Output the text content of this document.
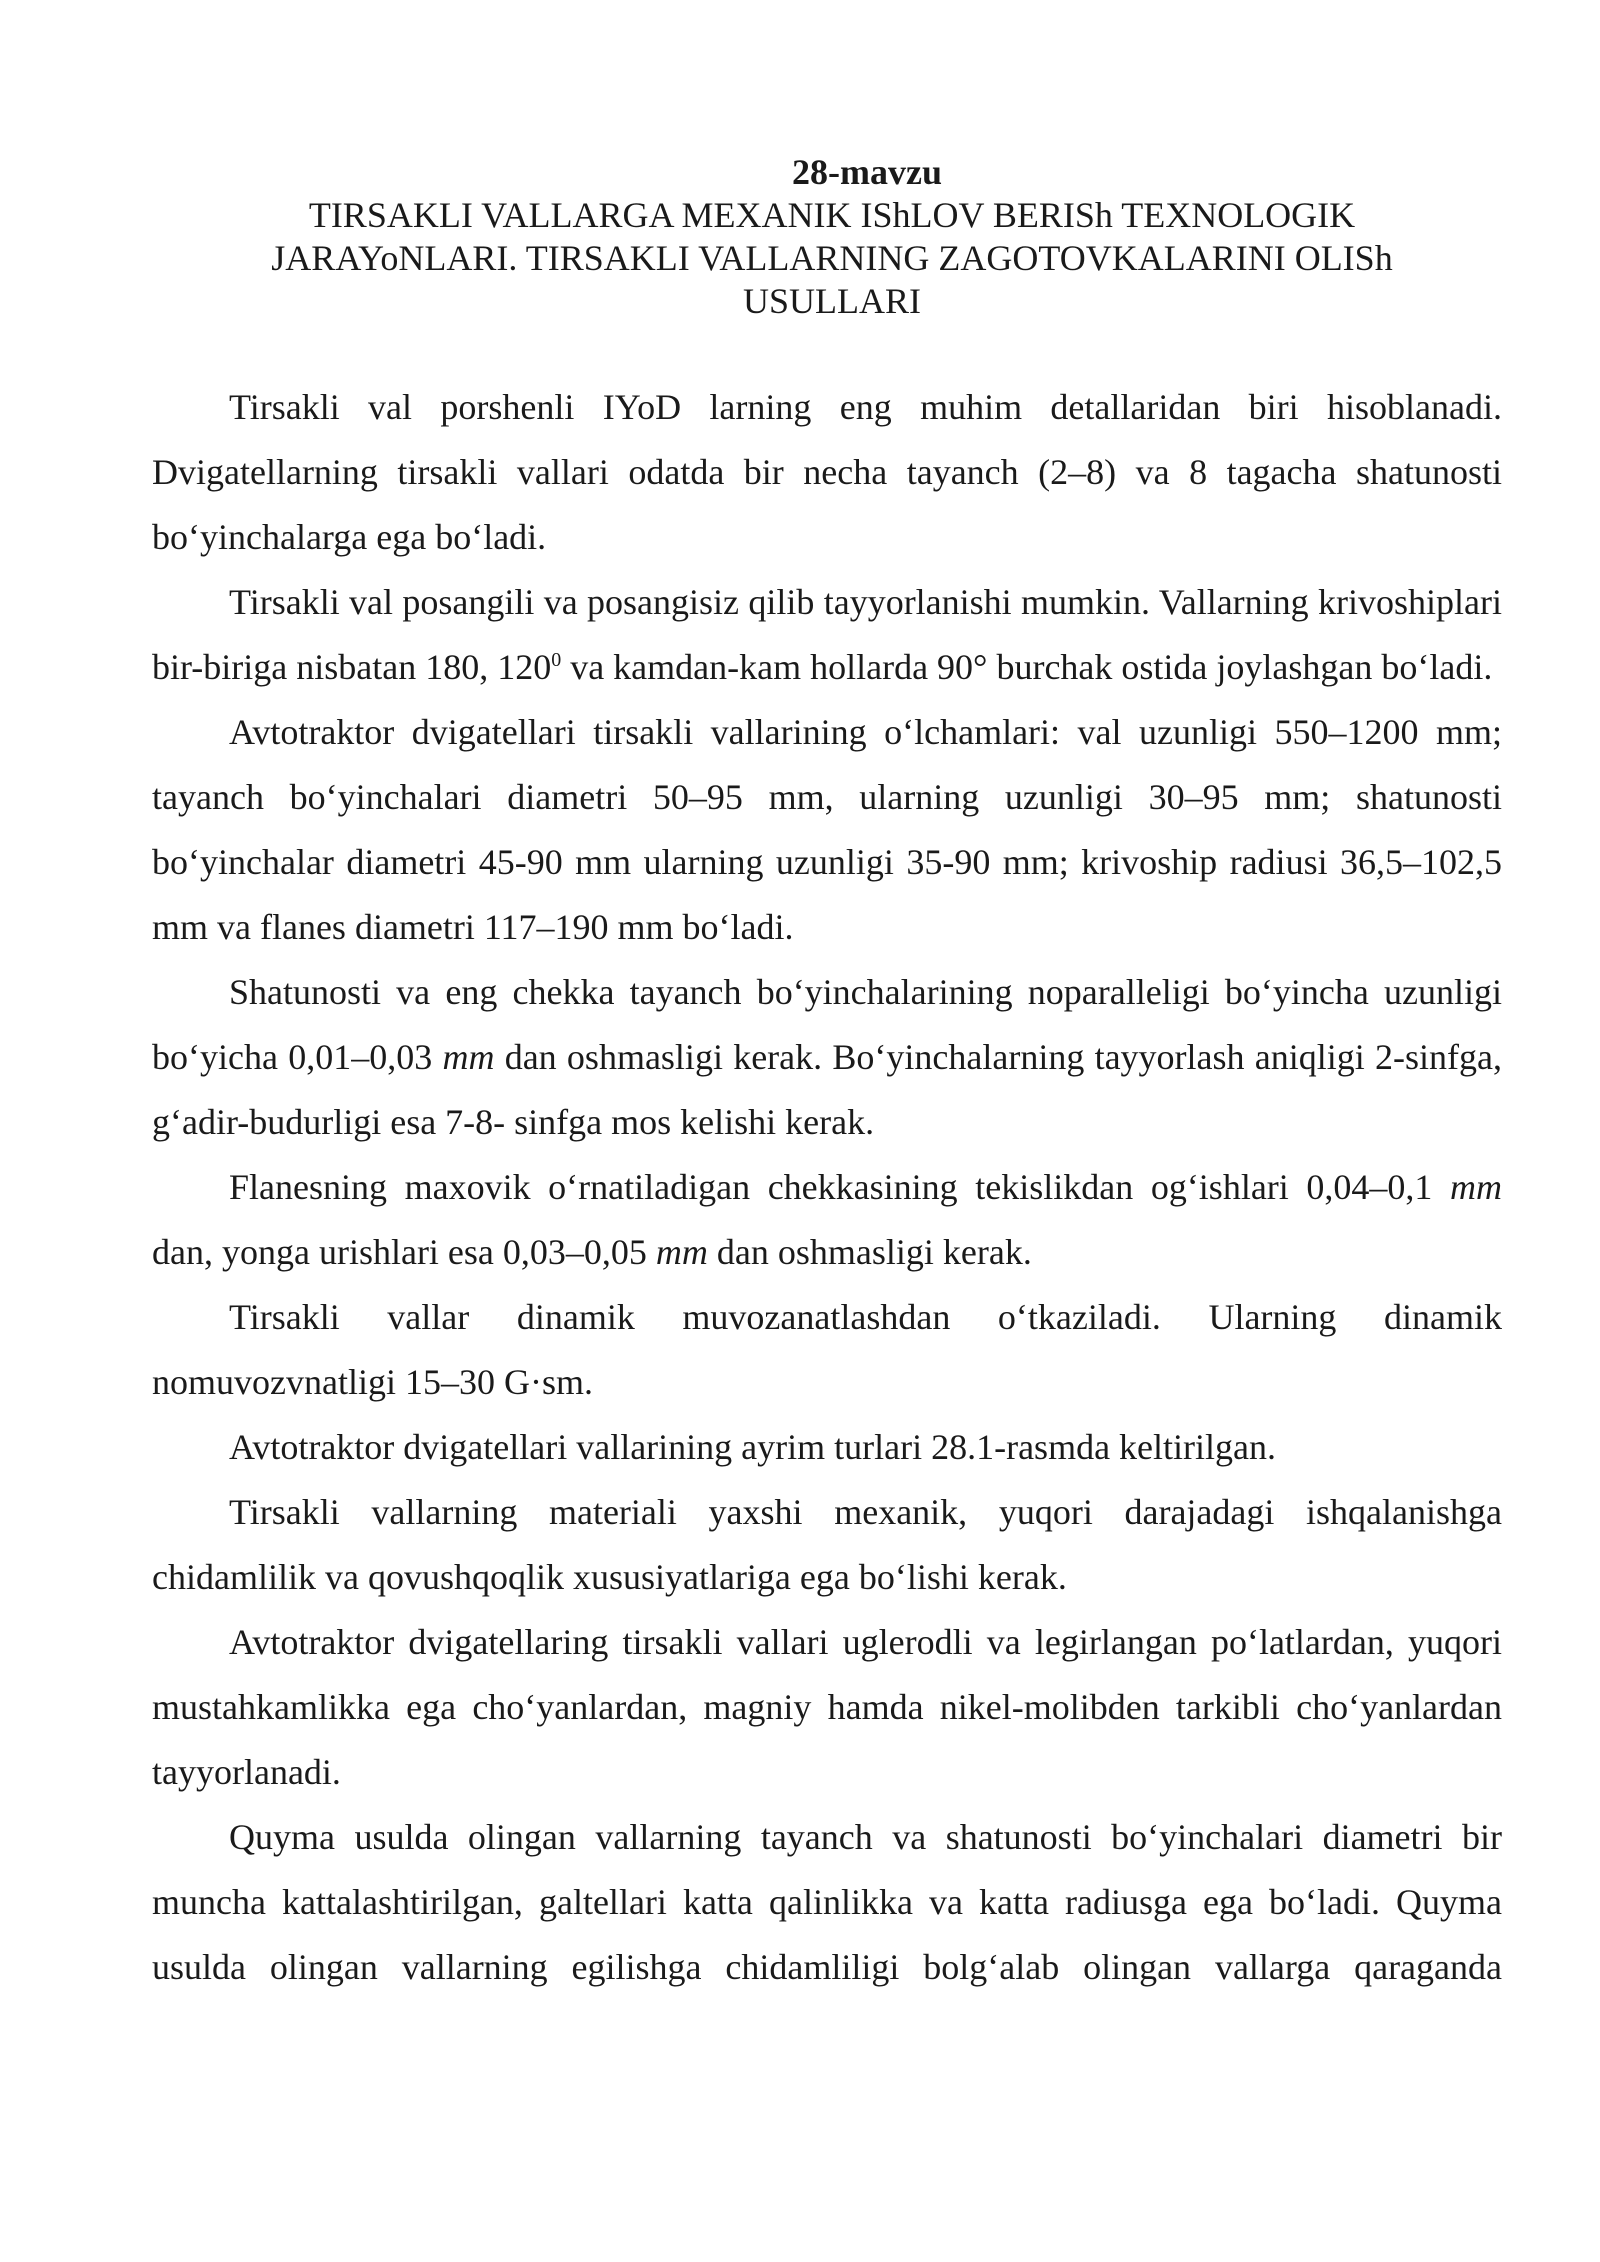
28-mavzu
TIRSAKLI VALLARGA MEXANIK IShLOV BERISh TEXNOLOGIK JARAYoNLARI. TIRSAKLI VALLARNING ZAGOTOVKALARINI OLISh USULLARI

Tirsakli val porshenli IYoD larning eng muhim detallaridan biri hisoblanadi. Dvigatellarning tirsakli vallari odatda bir necha tayanch (2–8) va 8 tagacha shatunosti bo‘yinchalarga ega bo‘ladi.

Tirsakli val posangili va posangisiz qilib tayyorlanishi mumkin. Vallarning krivoshiplari bir-biriga nisbatan 180, $120^0$ va kamdan-kam hollarda 90° burchak ostida joylashgan bo‘ladi.

Avtotraktor dvigatellari tirsakli vallarining o‘lchamlari: val uzunligi 550–1200 mm; tayanch bo‘yinchalari diametri 50–95 mm, ularning uzunligi 30–95 mm; shatunosti bo‘yinchalar diametri 45-90 mm ularning uzunligi 35-90 mm; krivoship radiusi 36,5–102,5 mm va flanes diametri 117–190 mm bo‘ladi.

Shatunosti va eng chekka tayanch bo‘yinchalarining noparalleligi bo‘yincha uzunligi bo‘yicha 0,01–0,03 mm dan oshmasligi kerak. Bo‘yinchalarning tayyorlash aniqligi 2-sinfga, g‘adir-budurligi esa 7-8- sinfga mos kelishi kerak.

Flanesning maxovik o‘rnatiladigan chekkasining tekislikdan og‘ishlari 0,04–0,1 mm dan, yonga urishlari esa 0,03–0,05 mm dan oshmasligi kerak.

Tirsakli vallar dinamik muvozanatlashdan o‘tkaziladi. Ularning dinamik nomuvozvnatligi 15–30 G·sm.

Avtotraktor dvigatellari vallarining ayrim turlari 28.1-rasmda keltirilgan.

Tirsakli vallarning materiali yaxshi mexanik, yuqori darajadagi ishqalanishga chidamlilik va qovushqoqlik xususiyatlariga ega bo‘lishi kerak.

Avtotraktor dvigatellaring tirsakli vallari uglerodli va legirlangan po‘latlardan, yuqori mustahkamlikka ega cho‘yanlardan, magniy hamda nikel-molibden tarkibli cho‘yanlardan tayyorlanadi.

Quyma usulda olingan vallarning tayanch va shatunosti bo‘yinchalari diametri bir muncha kattalashtirilgan, galtellari katta qalinlikka va katta radiusga ega bo‘ladi. Quyma usulda olingan vallarning egilishga chidamliligi bolg‘alab olingan vallarga qaraganda
